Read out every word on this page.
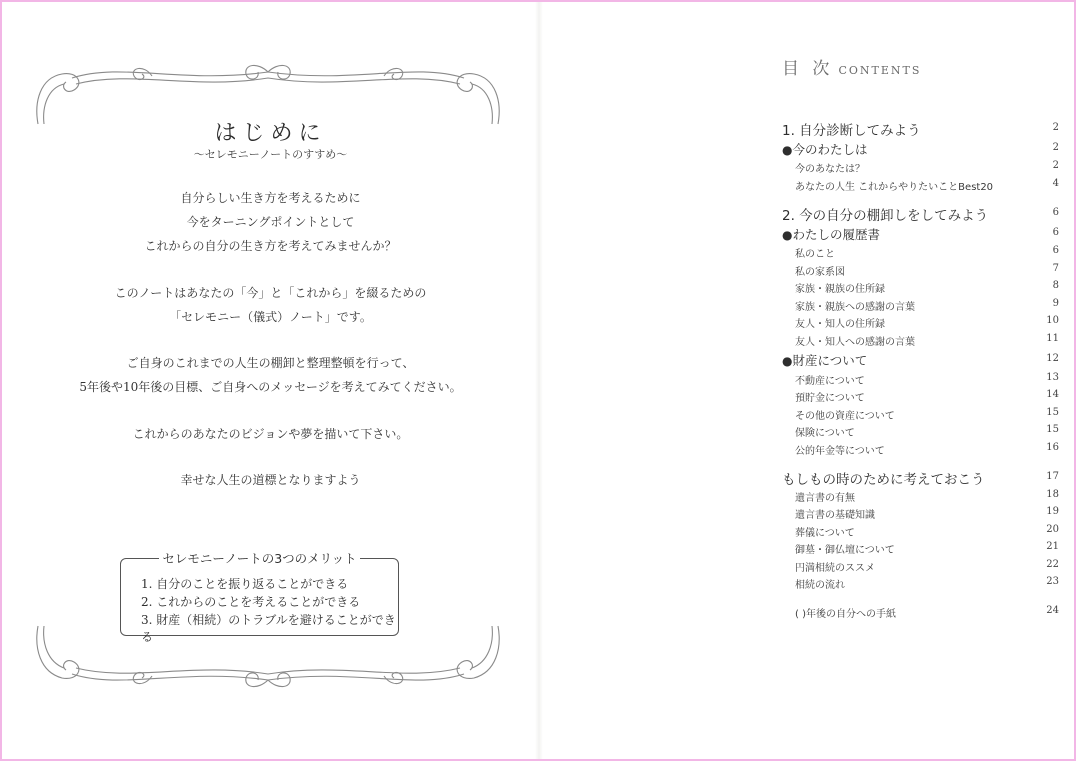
はじめに
～セレモニーノートのすすめ～
自分らしい生き方を考えるために
今をターニングポイントとして
これからの自分の生き方を考えてみませんか？
このノートはあなたの「今」と「これから」を綴るための
「セレモニー（儀式）ノート」です。
ご自身のこれまでの人生の棚卸と整理整頓を行って、
5年後や10年後の目標、ご自身へのメッセージを考えてみてください。
これからのあなたのビジョンや夢を描いて下さい。
幸せな人生の道標となりますよう
セレモニーノートの3つのメリット
1. 自分のことを振り返ることができる
2. これからのことを考えることができる
3. 財産（相続）のトラブルを避けることができる
目 次 CONTENTS
1. 自分診断してみよう	2
●今のわたしは	2
今のあなたは？	2
あなたの人生 これからやりたいことBest20	4
2. 今の自分の棚卸しをしてみよう	6
●わたしの履歴書	6
私のこと	6
私の家系図	7
家族・親族の住所録	8
家族・親族への感謝の言葉	9
友人・知人の住所録	10
友人・知人への感謝の言葉	11
●財産について	12
不動産について	13
預貯金について	14
その他の資産について	15
保険について	15
公的年金等について	16
もしもの時のために考えておこう	17
遺言書の有無	18
遺言書の基礎知識	19
葬儀について	20
御墓・御仏壇について	21
円満相続のススメ	22
相続の流れ	23
( )年後の自分への手紙	24
